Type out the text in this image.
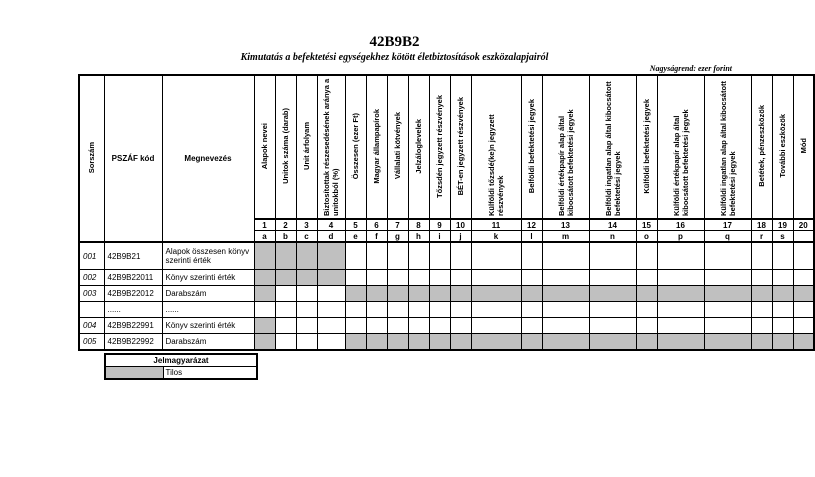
42B9B2
Kimutatás a befektetési egységekhez kötött életbiztosítások eszközalapjairól
Nagyságrend: ezer forint
Sorszám	PSZÁF kód	Megnevezés	Alapok nevei	Unitok száma (darab)	Unit árfolyam	Biztosítottak részesedésének aránya a unitokból (%)	Összesen (ezer Ft)	Magyar állampapírok	Vállalati kötvények	Jelzáloglevelek	Tőzsdén jegyzett részvények	BÉT-en jegyzett részvények	Külföldi tőzsdé(ke)n jegyzett részvények	Belföldi befektetési jegyek	Belföldi értékpapír alap által kibocsátott befektetési jegyek	Belföldi ingatlan alap által kibocsátott befektetési jegyek	Külföldi befektetési jegyek	Külföldi értékpapír alap által kibocsátott befektetési jegyek	Külföldi ingatlan alap által kibocsátott befektetési jegyek	Betétek, pénzeszközök	További eszközök	Mód
			1	2	3	4	5	6	7	8	9	10	11	12	13	14	15	16	17	18	19	20
			a	b	c	d	e	f	g	h	i	j	k	l	m	n	o	p	q	r	s	
001	42B9B21	Alapok összesen könyv szerinti érték																				
002	42B9B22011	Könyv szerinti érték																				
003	42B9B22012	Darabszám																				
	......	......																				
004	42B9B22991	Könyv szerinti érték																				
005	42B9B22992	Darabszám																				
Jelmagyarázat
	Tilos
